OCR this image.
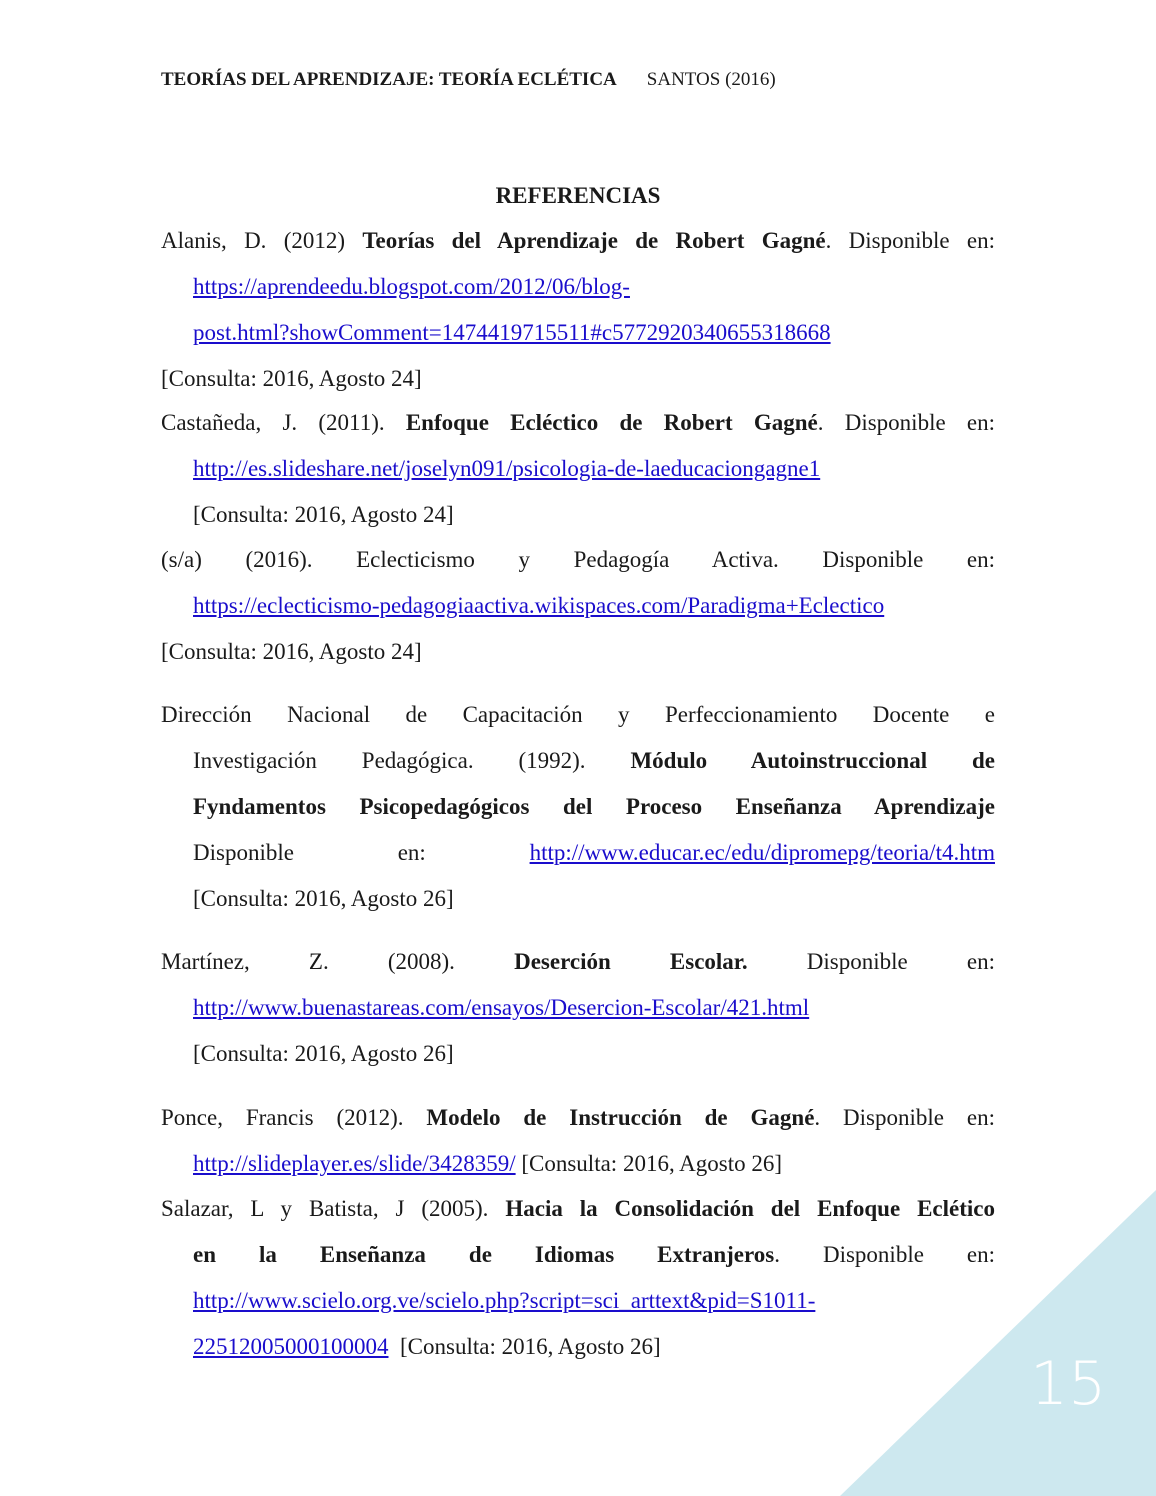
TEORÍAS DEL APRENDIZAJE: TEORÍA ECLÉTICA SANTOS (2016)
REFERENCIAS
Alanis, D. (2012) Teorías del Aprendizaje de Robert Gagné. Disponible en:
https://aprendeedu.blogspot.com/2012/06/blog-
post.html?showComment=1474419715511#c5772920340655318668
[Consulta: 2016, Agosto 24]
Castañeda, J. (2011). Enfoque Ecléctico de Robert Gagné. Disponible en:
http://es.slideshare.net/joselyn091/psicologia-de-laeducaciongagne1
[Consulta: 2016, Agosto 24]
(s/a) (2016). Eclecticismo y Pedagogía Activa. Disponible en:
https://eclecticismo-pedagogiaactiva.wikispaces.com/Paradigma+Eclectico
[Consulta: 2016, Agosto 24]
Dirección Nacional de Capacitación y Perfeccionamiento Docente e
Investigación Pedagógica. (1992). Módulo Autoinstruccional de
Fyndamentos Psicopedagógicos del Proceso Enseñanza Aprendizaje
Disponible en:	http://www.educar.ec/edu/dipromepg/teoria/t4.htm
[Consulta: 2016, Agosto 26]
Martínez, Z. (2008). Deserción Escolar. Disponible en:
http://www.buenastareas.com/ensayos/Desercion-Escolar/421.html
[Consulta: 2016, Agosto 26]
Ponce, Francis (2012). Modelo de Instrucción de Gagné. Disponible en:
http://slideplayer.es/slide/3428359/ [Consulta: 2016, Agosto 26]
Salazar, L y Batista, J (2005). Hacia la Consolidación del Enfoque Eclético
en la Enseñanza de Idiomas Extranjeros. Disponible en:
http://www.scielo.org.ve/scielo.php?script=sci_arttext&pid=S1011-
22512005000100004  [Consulta: 2016, Agosto 26]
15
